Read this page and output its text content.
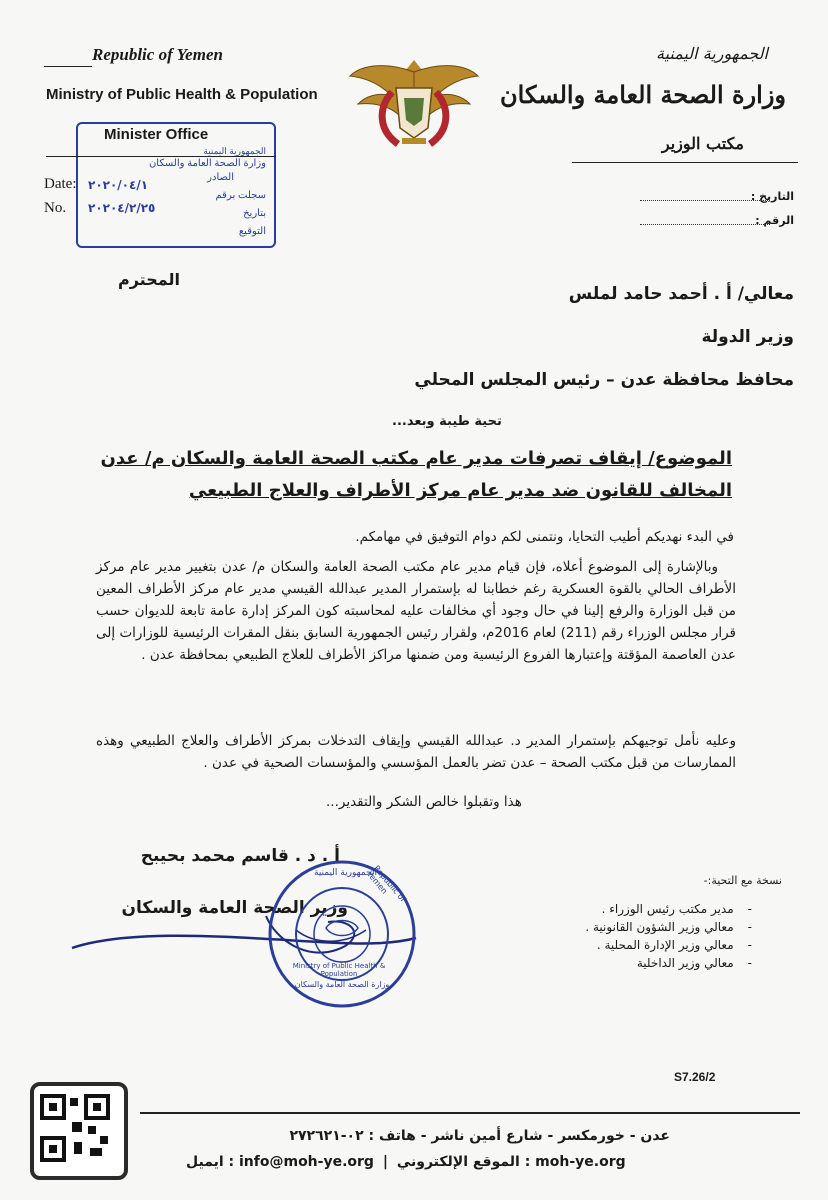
Republic of Yemen
Ministry of Public Health & Population
Minister Office
الجمهورية اليمنية
وزارة الصحة العامة والسكان
الصادر
سجلت برقم
بتاريخ
التوقيع
Date: ٢٠٢٠/٠٤/١
No. ٢٠٢٠٤/٢/٢٥
الجمهورية اليمنية
وزارة الصحة العامة والسكان
مكتب الوزير
التاريخ :
الرقم :
المحترم
معالي/ أ . أحمد حامد لملس
وزير الدولة
محافظ محافظة عدن – رئيس المجلس المحلي
تحية طيبة وبعد...
الموضوع/ إيقاف تصرفات مدير عام مكتب الصحة العامة والسكان م/ عدن
المخالف للقانون ضد مدير عام مركز الأطراف والعلاج الطبيعي
في البدء نهديكم أطيب التحايا، ونتمنى لكم دوام التوفيق في مهامكم.
وبالإشارة إلى الموضوع أعلاه، فإن قيام مدير عام مكتب الصحة العامة والسكان م/ عدن بتغيير مدير عام مركز الأطراف الحالي بالقوة العسكرية رغم خطابنا له بإستمرار المدير عبدالله القيسي مدير عام مركز الأطراف المعين من قبل الوزارة والرفع إلينا في حال وجود أي مخالفات عليه لمحاسبته كون المركز إدارة عامة تابعة للديوان حسب قرار مجلس الوزراء رقم (211) لعام 2016م، ولقرار رئيس الجمهورية السابق بنقل المقرات الرئيسية للوزارات إلى عدن العاصمة المؤقتة وإعتبارها الفروع الرئيسية ومن ضمنها مراكز الأطراف للعلاج الطبيعي بمحافظة عدن .
وعليه نأمل توجيهكم بإستمرار المدير د. عبدالله القيسي وإيقاف التدخلات بمركز الأطراف والعلاج الطبيعي وهذه الممارسات من قبل مكتب الصحة – عدن تضر بالعمل المؤسسي والمؤسسات الصحية في عدن .
هذا وتقبلوا خالص الشكر والتقدير...
أ . د . قاسم محمد بحيبح
وزير الصحة العامة والسكان
الجمهورية اليمنية
Republic of Yemen
Ministry of Public Health & Population
وزارة الصحة العامة والسكان
نسخة مع التحية:-
- مدير مكتب رئيس الوزراء .
- معالي وزير الشؤون القانونية .
- معالي وزير الإدارة المحلية .
- معالي وزير الداخلية
S7.26/2
عدن - خورمكسر - شارع أمين ناشر - هاتف : ٠٢-٢٧٢٦٢١
ايميل : info@moh-ye.org | الموقع الإلكتروني : moh-ye.org
